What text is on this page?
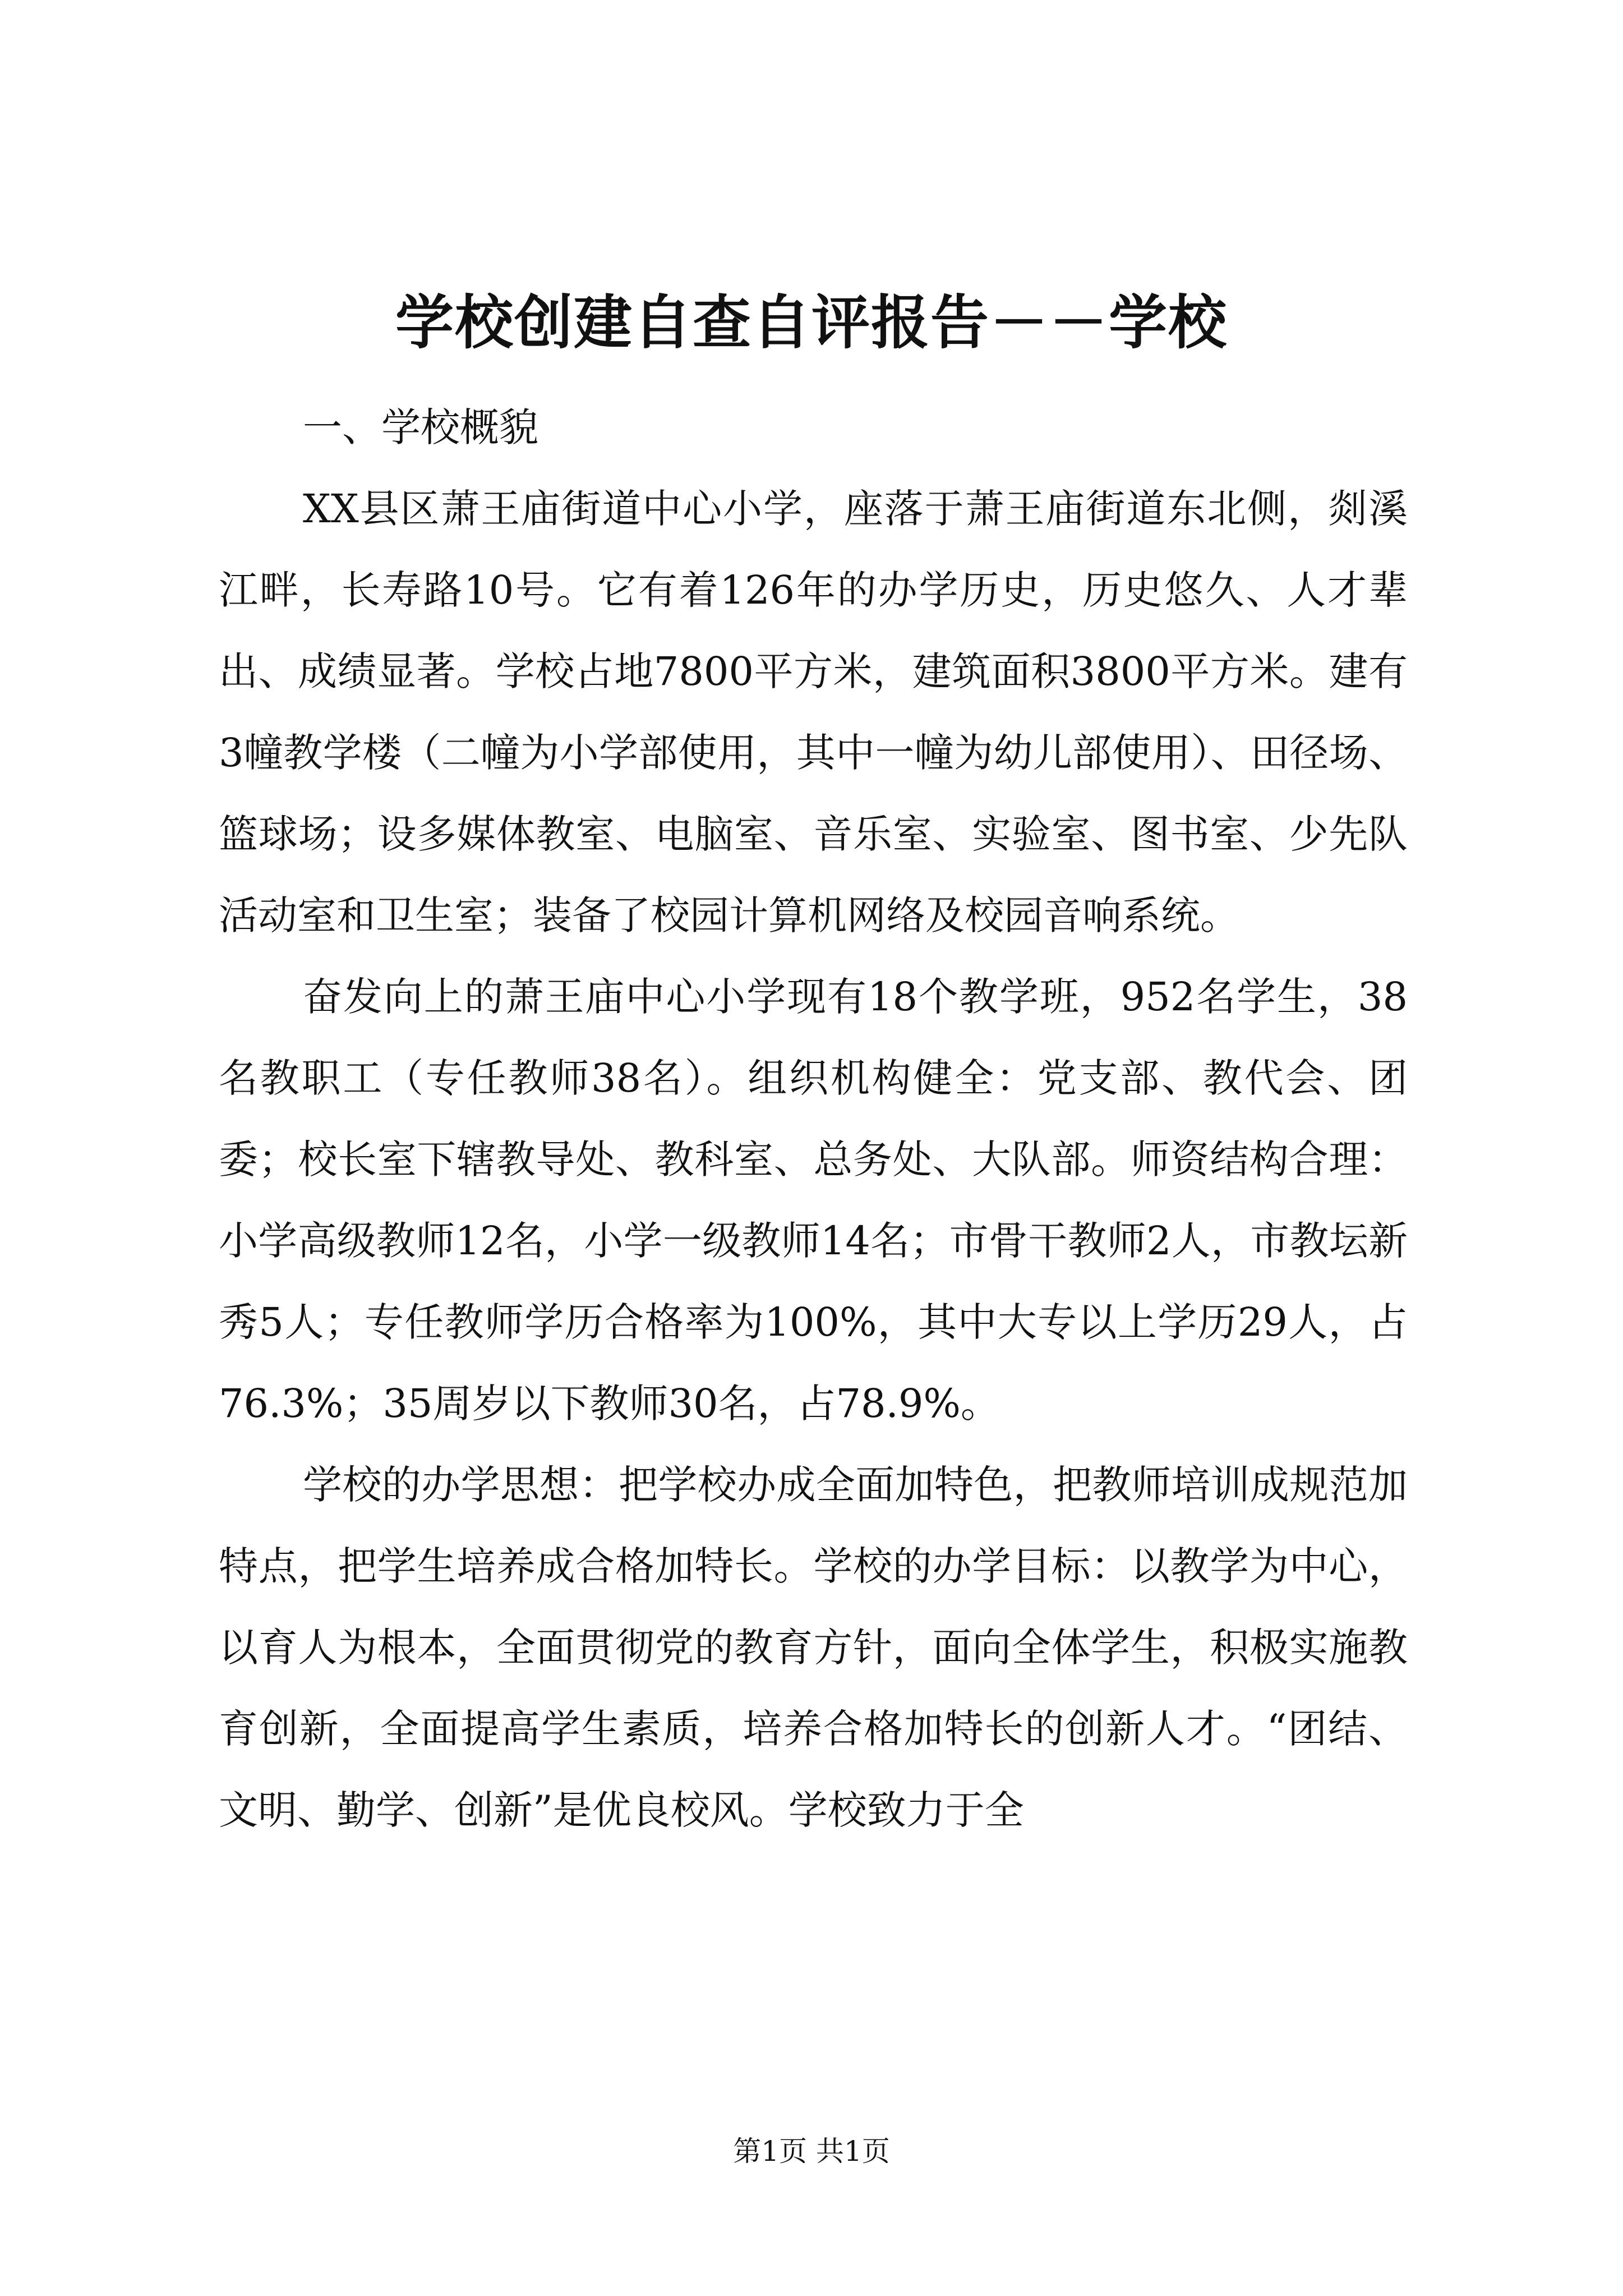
学校创建自查自评报告－－学校

一、学校概貌

XX县区萧王庙街道中心小学，座落于萧王庙街道东北侧，剡溪江畔，长寿路10号。它有着126年的办学历史，历史悠久、人才辈出、成绩显著。学校占地7800平方米，建筑面积3800平方米。建有3幢教学楼（二幢为小学部使用，其中一幢为幼儿部使用）、田径场、篮球场；设多媒体教室、电脑室、音乐室、实验室、图书室、少先队活动室和卫生室；装备了校园计算机网络及校园音响系统。

奋发向上的萧王庙中心小学现有18个教学班，952名学生，38名教职工（专任教师38名）。组织机构健全：党支部、教代会、团委；校长室下辖教导处、教科室、总务处、大队部。师资结构合理：小学高级教师12名，小学一级教师14名；市骨干教师2人，市教坛新秀5人；专任教师学历合格率为100%，其中大专以上学历29人，占76.3%；35周岁以下教师30名，占78.9%。

学校的办学思想：把学校办成全面加特色，把教师培训成规范加特点，把学生培养成合格加特长。学校的办学目标：以教学为中心，以育人为根本，全面贯彻党的教育方针，面向全体学生，积极实施教育创新，全面提高学生素质，培养合格加特长的创新人才。“团结、文明、勤学、创新”是优良校风。学校致力于全

第1页 共1页
